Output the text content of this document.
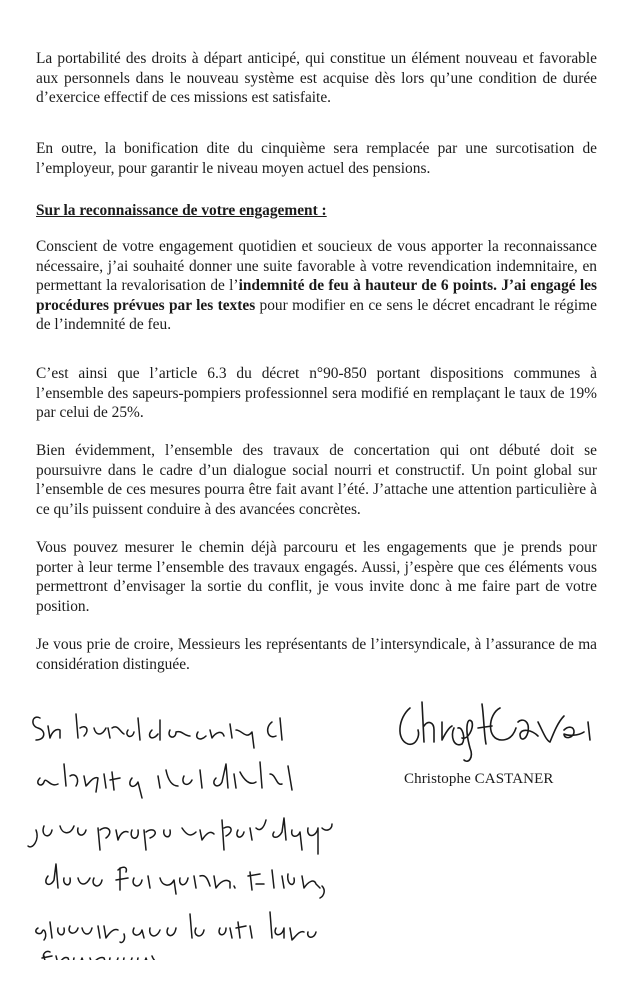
La portabilité des droits à départ anticipé, qui constitue un élément nouveau et favorable aux personnels dans le nouveau système est acquise dès lors qu’une condition de durée d’exercice effectif de ces missions est satisfaite.

En outre, la bonification dite du cinquième sera remplacée par une surcotisation de l’employeur, pour garantir le niveau moyen actuel des pensions.

Sur la reconnaissance de votre engagement :

Conscient de votre engagement quotidien et soucieux de vous apporter la reconnaissance nécessaire, j’ai souhaité donner une suite favorable à votre revendication indemnitaire, en permettant la revalorisation de l’indemnité de feu à hauteur de 6 points. J’ai engagé les procédures prévues par les textes pour modifier en ce sens le décret encadrant le régime de l’indemnité de feu.

C’est ainsi que l’article 6.3 du décret n°90-850 portant dispositions communes à l’ensemble des sapeurs-pompiers professionnel sera modifié en remplaçant le taux de 19% par celui de 25%.

Bien évidemment, l’ensemble des travaux de concertation qui ont débuté doit se poursuivre dans le cadre d’un dialogue social nourri et constructif. Un point global sur l’ensemble de ces mesures pourra être fait avant l’été. J’attache une attention particulière à ce qu’ils puissent conduire à des avancées concrètes.

Vous pouvez mesurer le chemin déjà parcouru et les engagements que je prends pour porter à leur terme l’ensemble des travaux engagés. Aussi, j’espère que ces éléments vous permettront d’envisager la sortie du conflit, je vous invite donc à me faire part de votre position.

Je vous prie de croire, Messieurs les représentants de l’intersyndicale, à l’assurance de ma considération distinguée.

Christophe CASTANER
